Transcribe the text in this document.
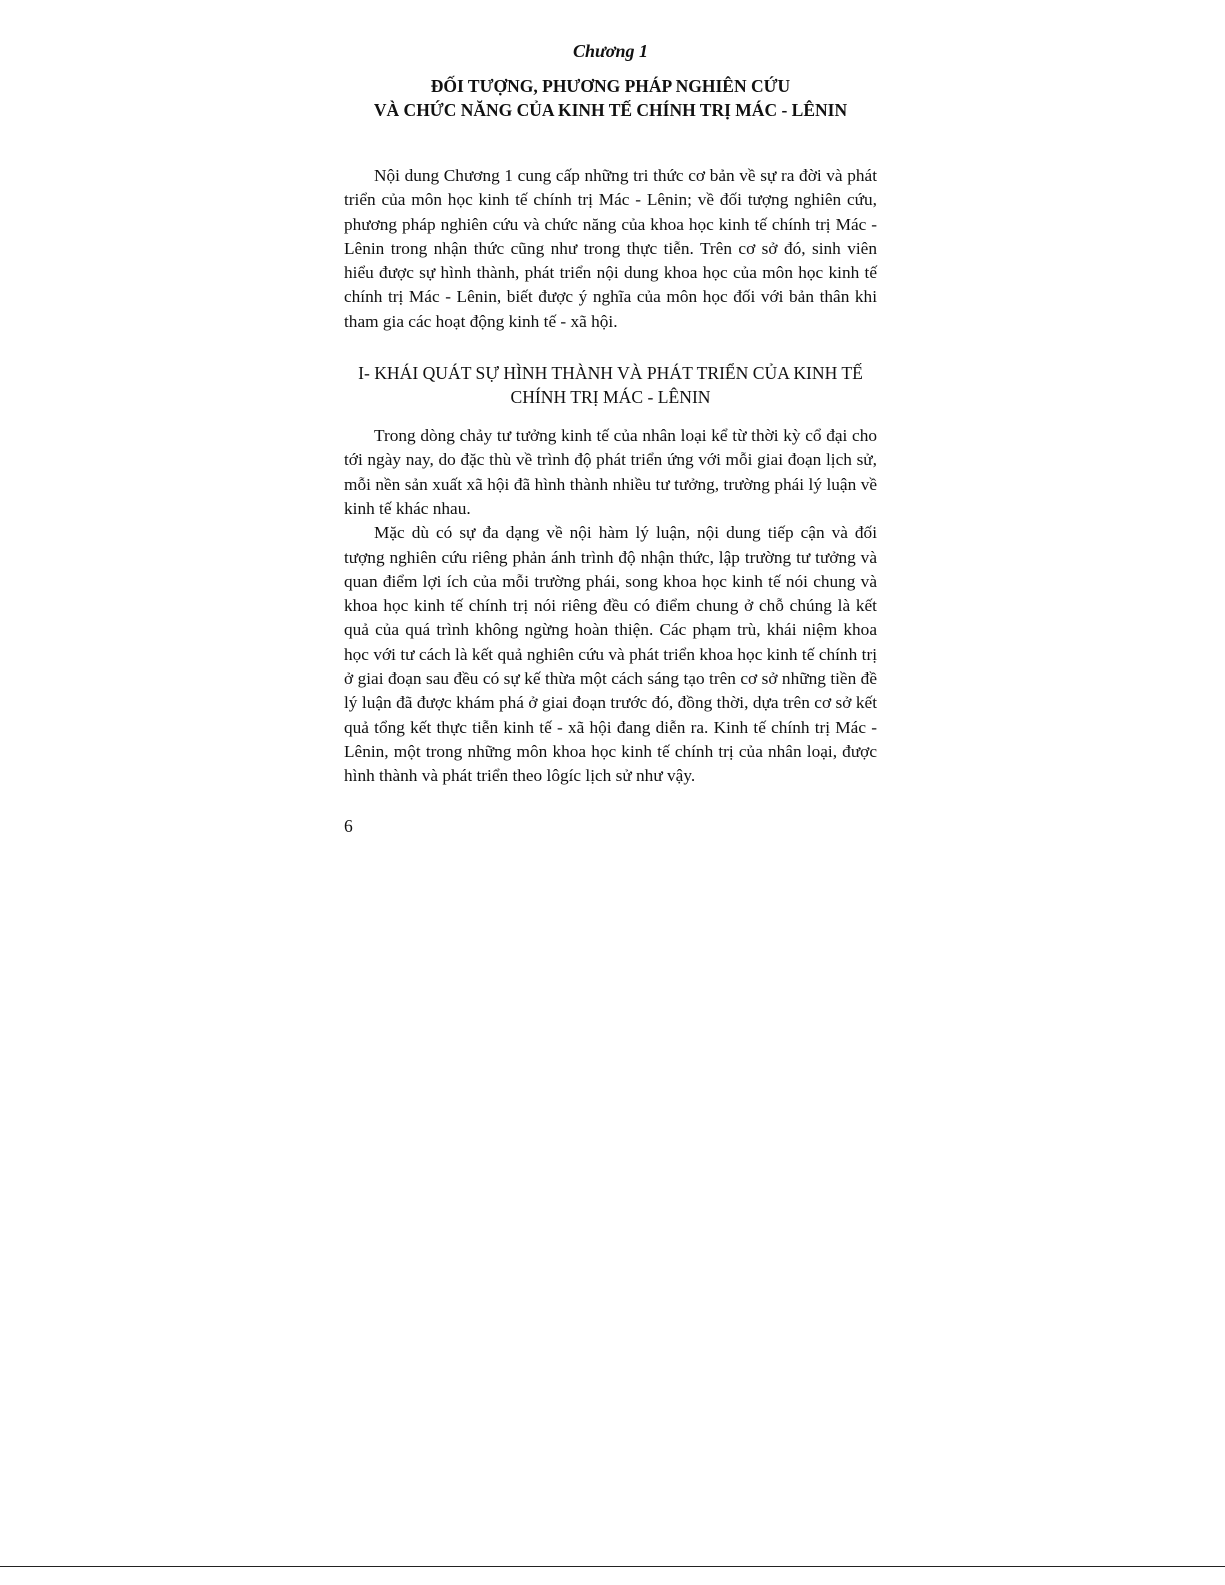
Chương 1
ĐỐI TƯỢNG, PHƯƠNG PHÁP NGHIÊN CỨU
VÀ CHỨC NĂNG CỦA KINH TẾ CHÍNH TRỊ MÁC - LÊNIN

Nội dung Chương 1 cung cấp những tri thức cơ bản về sự ra đời và phát triển của môn học kinh tế chính trị Mác - Lênin; về đối tượng nghiên cứu, phương pháp nghiên cứu và chức năng của khoa học kinh tế chính trị Mác - Lênin trong nhận thức cũng như trong thực tiễn. Trên cơ sở đó, sinh viên hiểu được sự hình thành, phát triển nội dung khoa học của môn học kinh tế chính trị Mác - Lênin, biết được ý nghĩa của môn học đối với bản thân khi tham gia các hoạt động kinh tế - xã hội.

I- KHÁI QUÁT SỰ HÌNH THÀNH VÀ PHÁT TRIỂN CỦA KINH TẾ
CHÍNH TRỊ MÁC - LÊNIN

Trong dòng chảy tư tưởng kinh tế của nhân loại kể từ thời kỳ cổ đại cho tới ngày nay, do đặc thù về trình độ phát triển ứng với mỗi giai đoạn lịch sử, mỗi nền sản xuất xã hội đã hình thành nhiều tư tưởng, trường phái lý luận về kinh tế khác nhau.

Mặc dù có sự đa dạng về nội hàm lý luận, nội dung tiếp cận và đối tượng nghiên cứu riêng phản ánh trình độ nhận thức, lập trường tư tưởng và quan điểm lợi ích của mỗi trường phái, song khoa học kinh tế nói chung và khoa học kinh tế chính trị nói riêng đều có điểm chung ở chỗ chúng là kết quả của quá trình không ngừng hoàn thiện. Các phạm trù, khái niệm khoa học với tư cách là kết quả nghiên cứu và phát triển khoa học kinh tế chính trị ở giai đoạn sau đều có sự kế thừa một cách sáng tạo trên cơ sở những tiền đề lý luận đã được khám phá ở giai đoạn trước đó, đồng thời, dựa trên cơ sở kết quả tổng kết thực tiễn kinh tế - xã hội đang diễn ra. Kinh tế chính trị Mác - Lênin, một trong những môn khoa học kinh tế chính trị của nhân loại, được hình thành và phát triển theo lôgíc lịch sử như vậy.

6
